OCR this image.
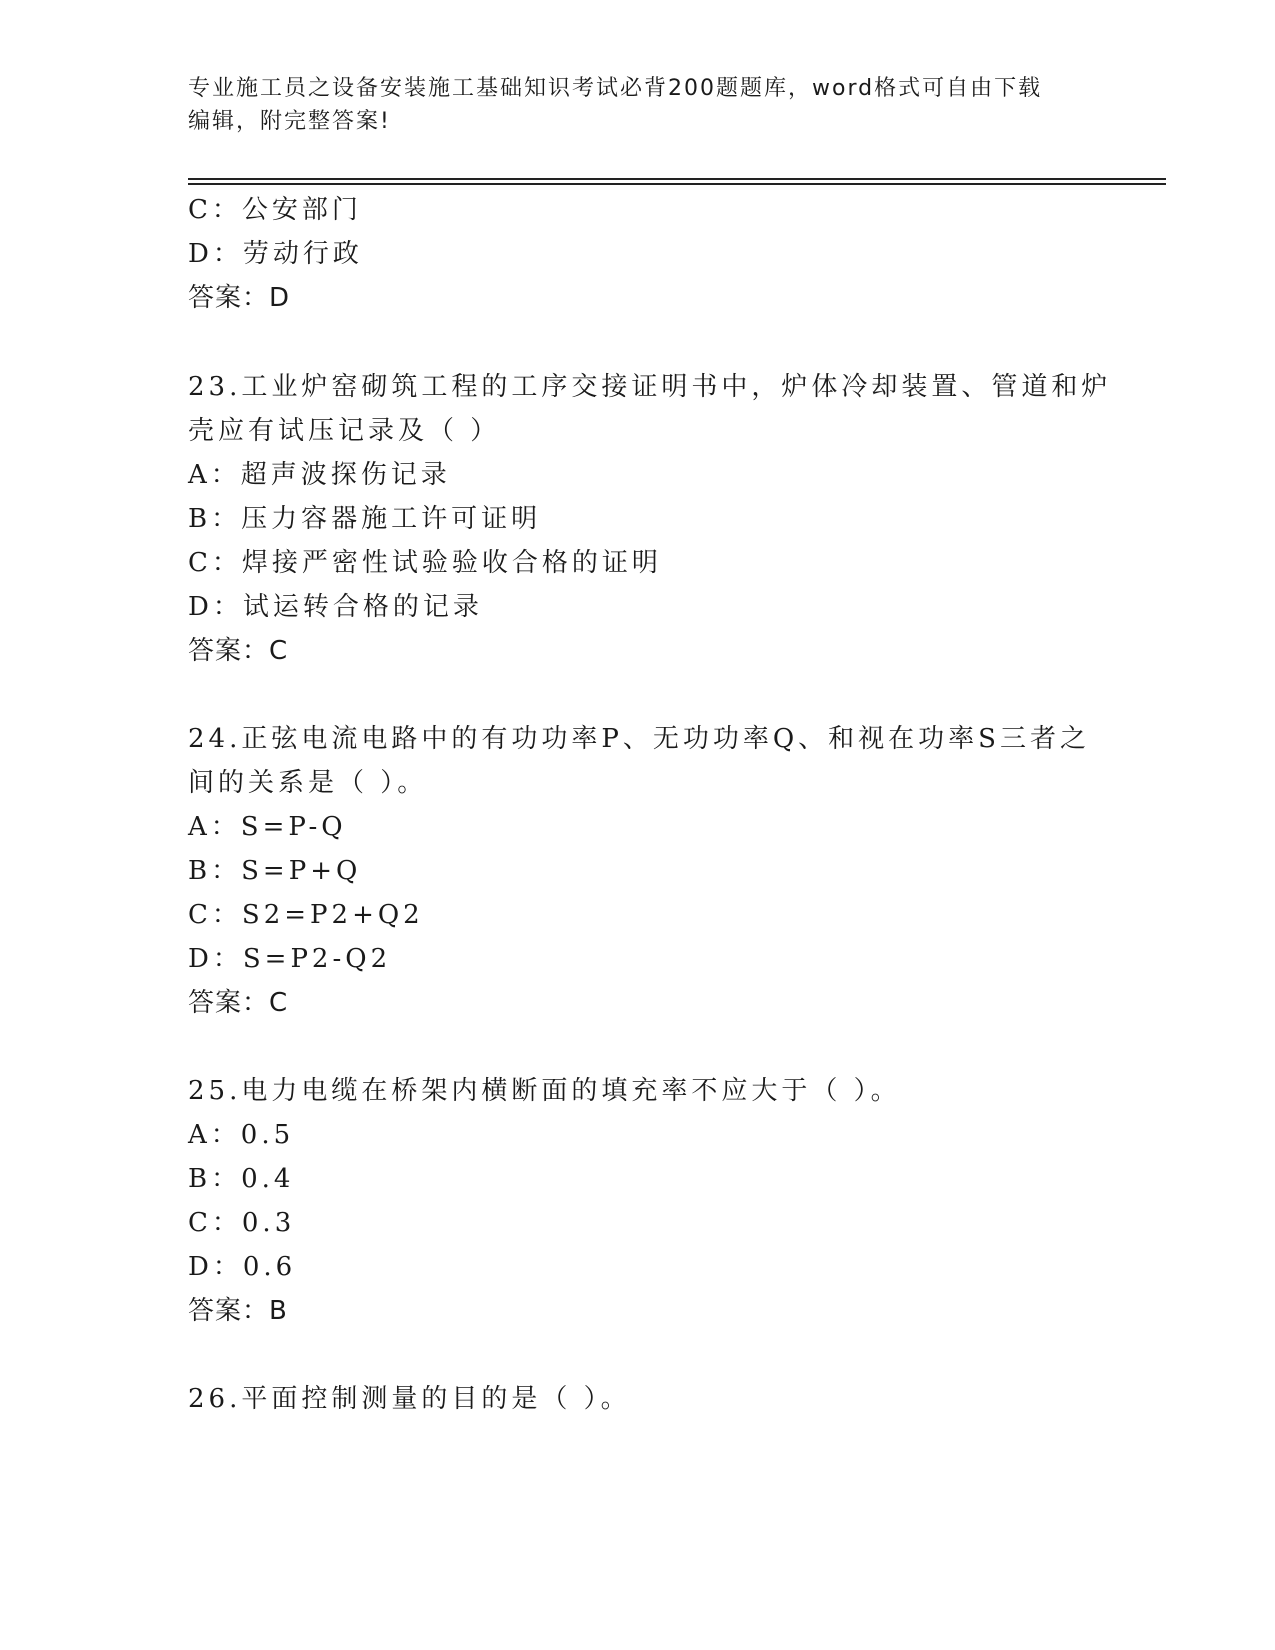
专业施工员之设备安装施工基础知识考试必背200题题库，word格式可自由下载
编辑，附完整答案!
C：公安部门
D：劳动行政
答案：D
23.工业炉窑砌筑工程的工序交接证明书中，炉体冷却装置、管道和炉
壳应有试压记录及（ ）
A：超声波探伤记录
B：压力容器施工许可证明
C：焊接严密性试验验收合格的证明
D：试运转合格的记录
答案：C
24.正弦电流电路中的有功功率P、无功功率Q、和视在功率S三者之
间的关系是（ ）。
A：S=P-Q
B：S=P+Q
C：S2=P2+Q2
D：S=P2-Q2
答案：C
25.电力电缆在桥架内横断面的填充率不应大于（ ）。
A：0.5
B：0.4
C：0.3
D：0.6
答案：B
26.平面控制测量的目的是（ ）。
